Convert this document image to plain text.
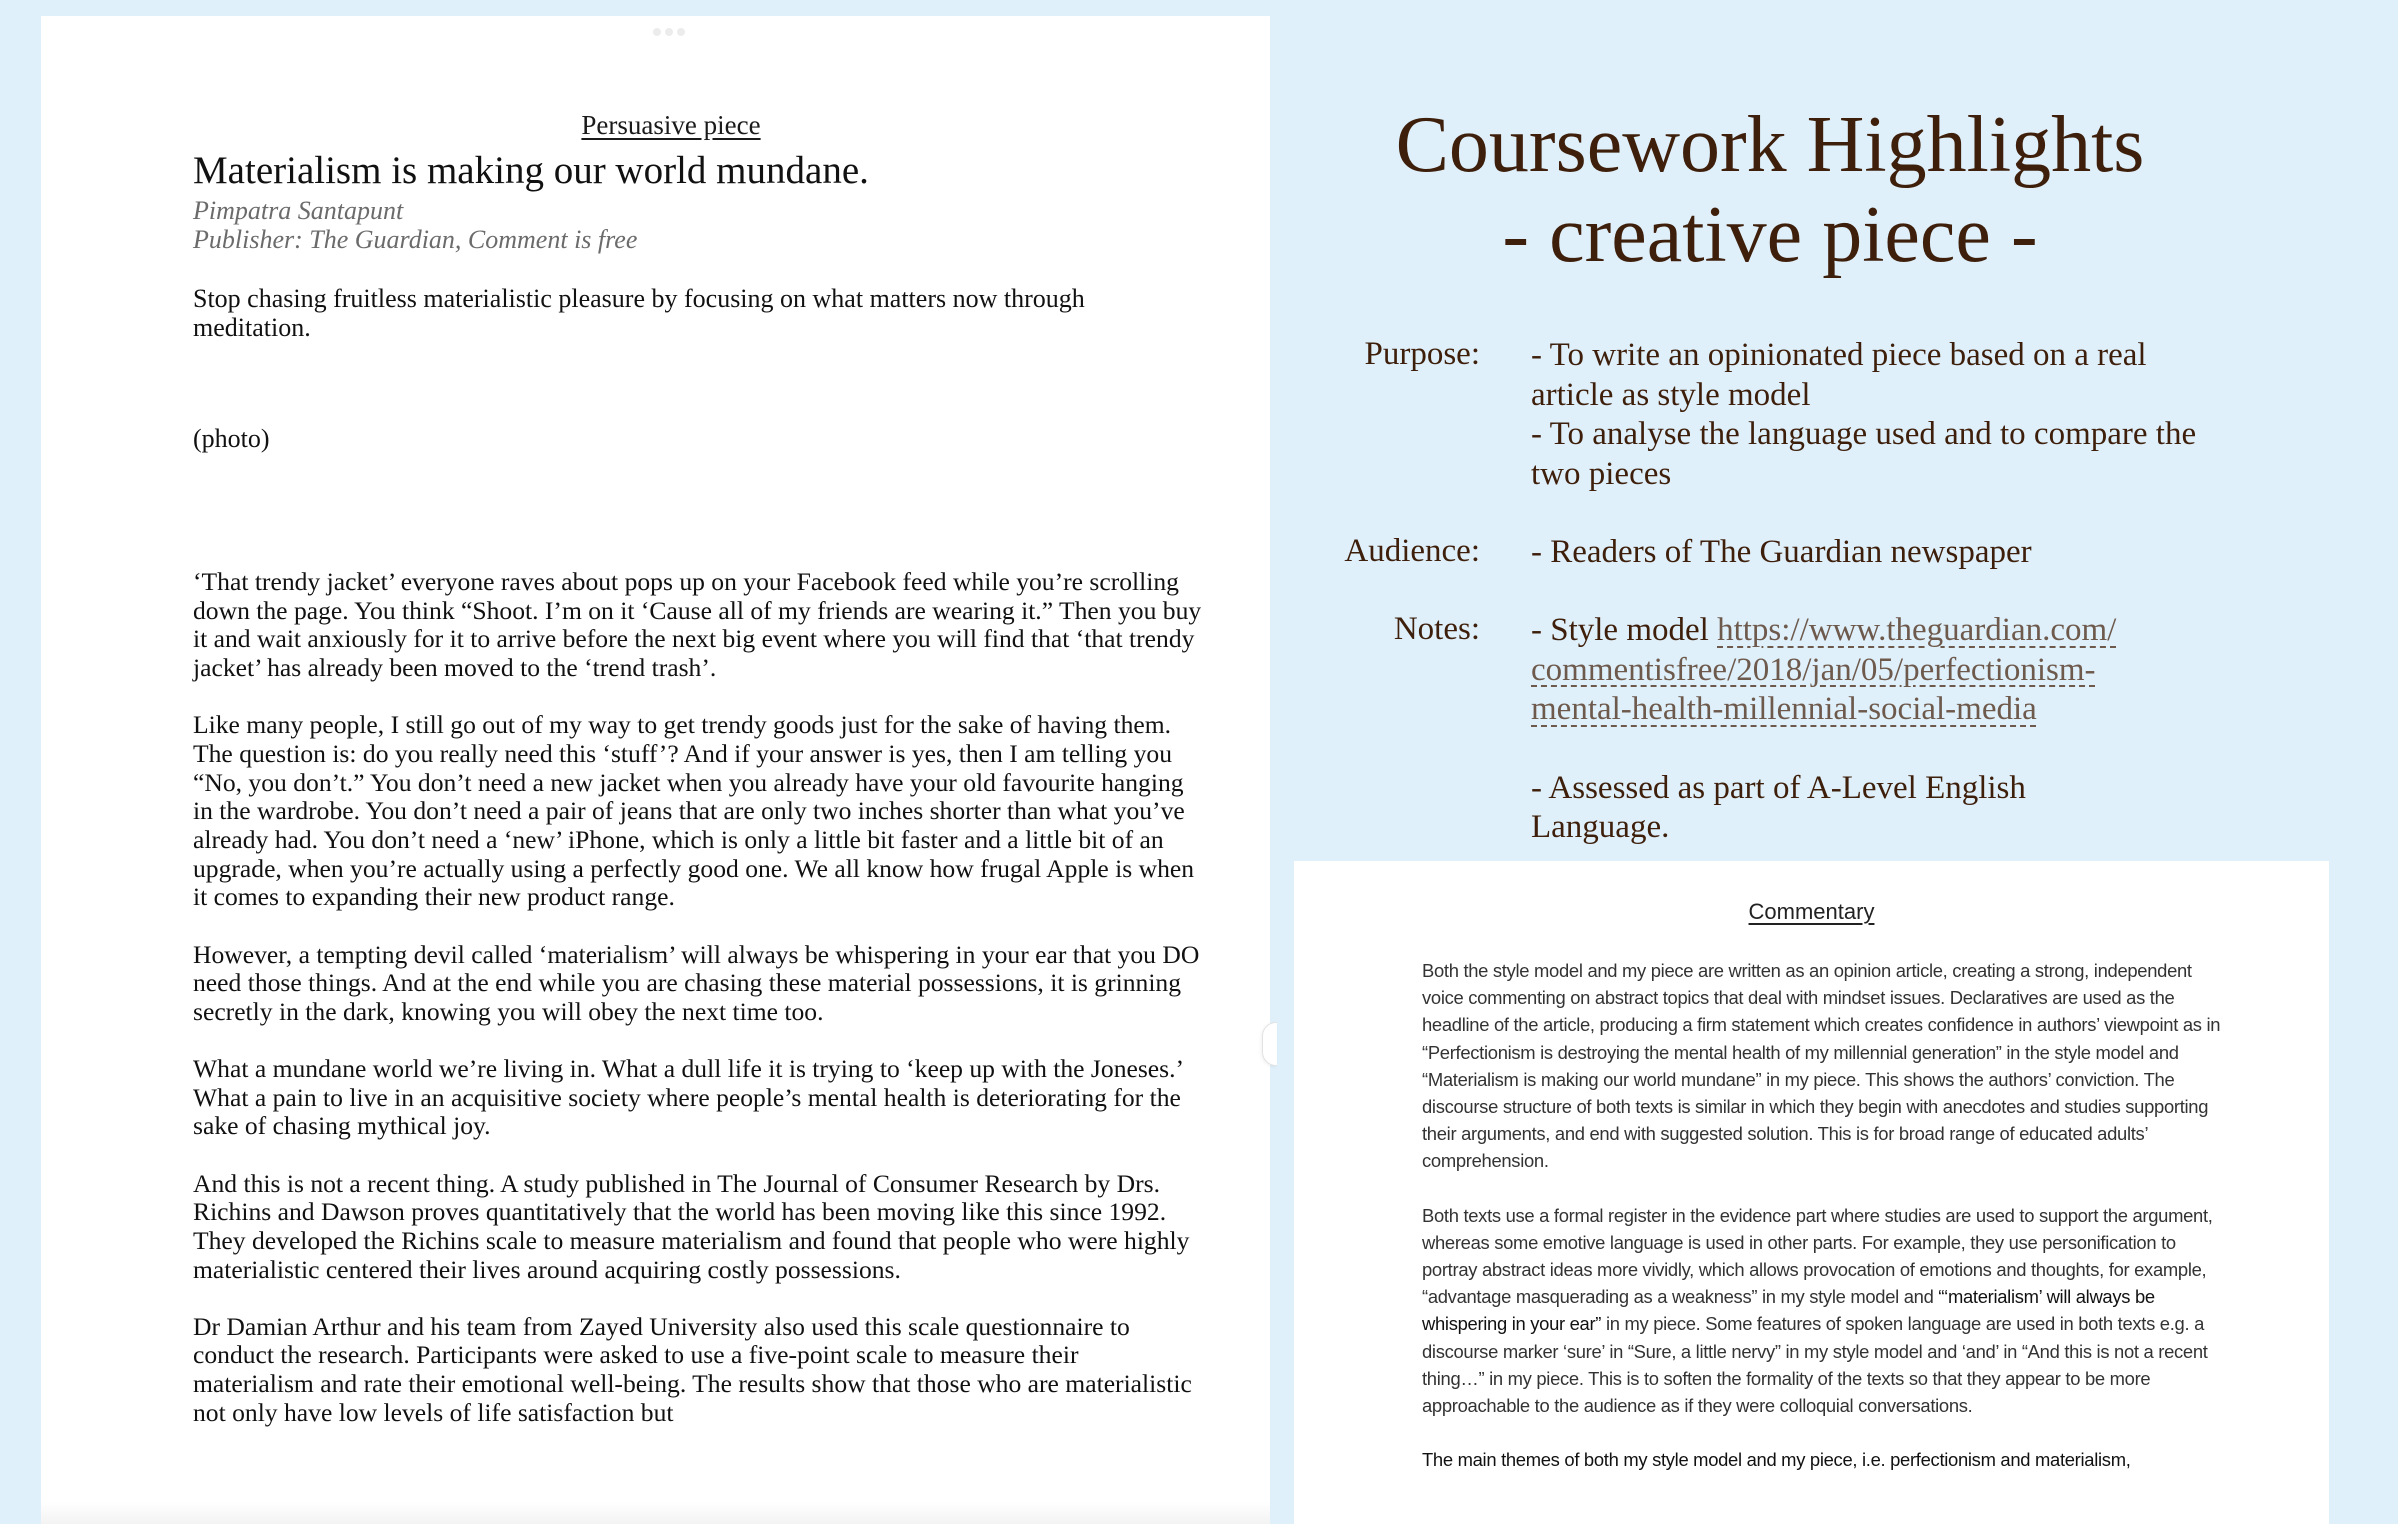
Persuasive piece
Materialism is making our world mundane.
Pimpatra Santapunt
Publisher: The Guardian, Comment is free
Stop chasing fruitless materialistic pleasure by focusing on what matters now through meditation.
(photo)

‘That trendy jacket’ everyone raves about pops up on your Facebook feed while you’re scrolling down the page. You think “Shoot. I’m on it ‘Cause all of my friends are wearing it.” Then you buy it and wait anxiously for it to arrive before the next big event where you will find that ‘that trendy jacket’ has already been moved to the ‘trend trash’.

Like many people, I still go out of my way to get trendy goods just for the sake of having them. The question is: do you really need this ‘stuff’? And if your answer is yes, then I am telling you “No, you don’t.” You don’t need a new jacket when you already have your old favourite hanging in the wardrobe. You don’t need a pair of jeans that are only two inches shorter than what you’ve already had. You don’t need a ‘new’ iPhone, which is only a little bit faster and a little bit of an upgrade, when you’re actually using a perfectly good one. We all know how frugal Apple is when it comes to expanding their new product range.

However, a tempting devil called ‘materialism’ will always be whispering in your ear that you DO need those things. And at the end while you are chasing these material possessions, it is grinning secretly in the dark, knowing you will obey the next time too.

What a mundane world we’re living in. What a dull life it is trying to ‘keep up with the Joneses.’ What a pain to live in an acquisitive society where people’s mental health is deteriorating for the sake of chasing mythical joy.

And this is not a recent thing. A study published in The Journal of Consumer Research by Drs. Richins and Dawson proves quantitatively that the world has been moving like this since 1992. They developed the Richins scale to measure materialism and found that people who were highly materialistic centered their lives around acquiring costly possessions.

Dr Damian Arthur and his team from Zayed University also used this scale questionnaire to conduct the research. Participants were asked to use a five-point scale to measure their materialism and rate their emotional well-being. The results show that those who are materialistic not only have low levels of life satisfaction but

Coursework Highlights
- creative piece -
Purpose: - To write an opinionated piece based on a real article as style model
- To analyse the language used and to compare the two pieces
Audience: - Readers of The Guardian newspaper
Notes: - Style model https://www.theguardian.com/ commentisfree/2018/jan/05/perfectionism- mental-health-millennial-social-media
- Assessed as part of A-Level English Language.
Commentary

Both the style model and my piece are written as an opinion article, creating a strong, independent voice commenting on abstract topics that deal with mindset issues. Declaratives are used as the headline of the article, producing a firm statement which creates confidence in authors’ viewpoint as in “Perfectionism is destroying the mental health of my millennial generation” in the style model and “Materialism is making our world mundane” in my piece. This shows the authors’ conviction. The discourse structure of both texts is similar in which they begin with anecdotes and studies supporting their arguments, and end with suggested solution. This is for broad range of educated adults’ comprehension.

Both texts use a formal register in the evidence part where studies are used to support the argument, whereas some emotive language is used in other parts. For example, they use personification to portray abstract ideas more vividly, which allows provocation of emotions and thoughts, for example, “advantage masquerading as a weakness” in my style model and “‘materialism’ will always be whispering in your ear” in my piece. Some features of spoken language are used in both texts e.g. a discourse marker ‘sure’ in “Sure, a little nervy” in my style model and ‘and’ in “And this is not a recent thing…” in my piece. This is to soften the formality of the texts so that they appear to be more approachable to the audience as if they were colloquial conversations.

The main themes of both my style model and my piece, i.e. perfectionism and materialism,
